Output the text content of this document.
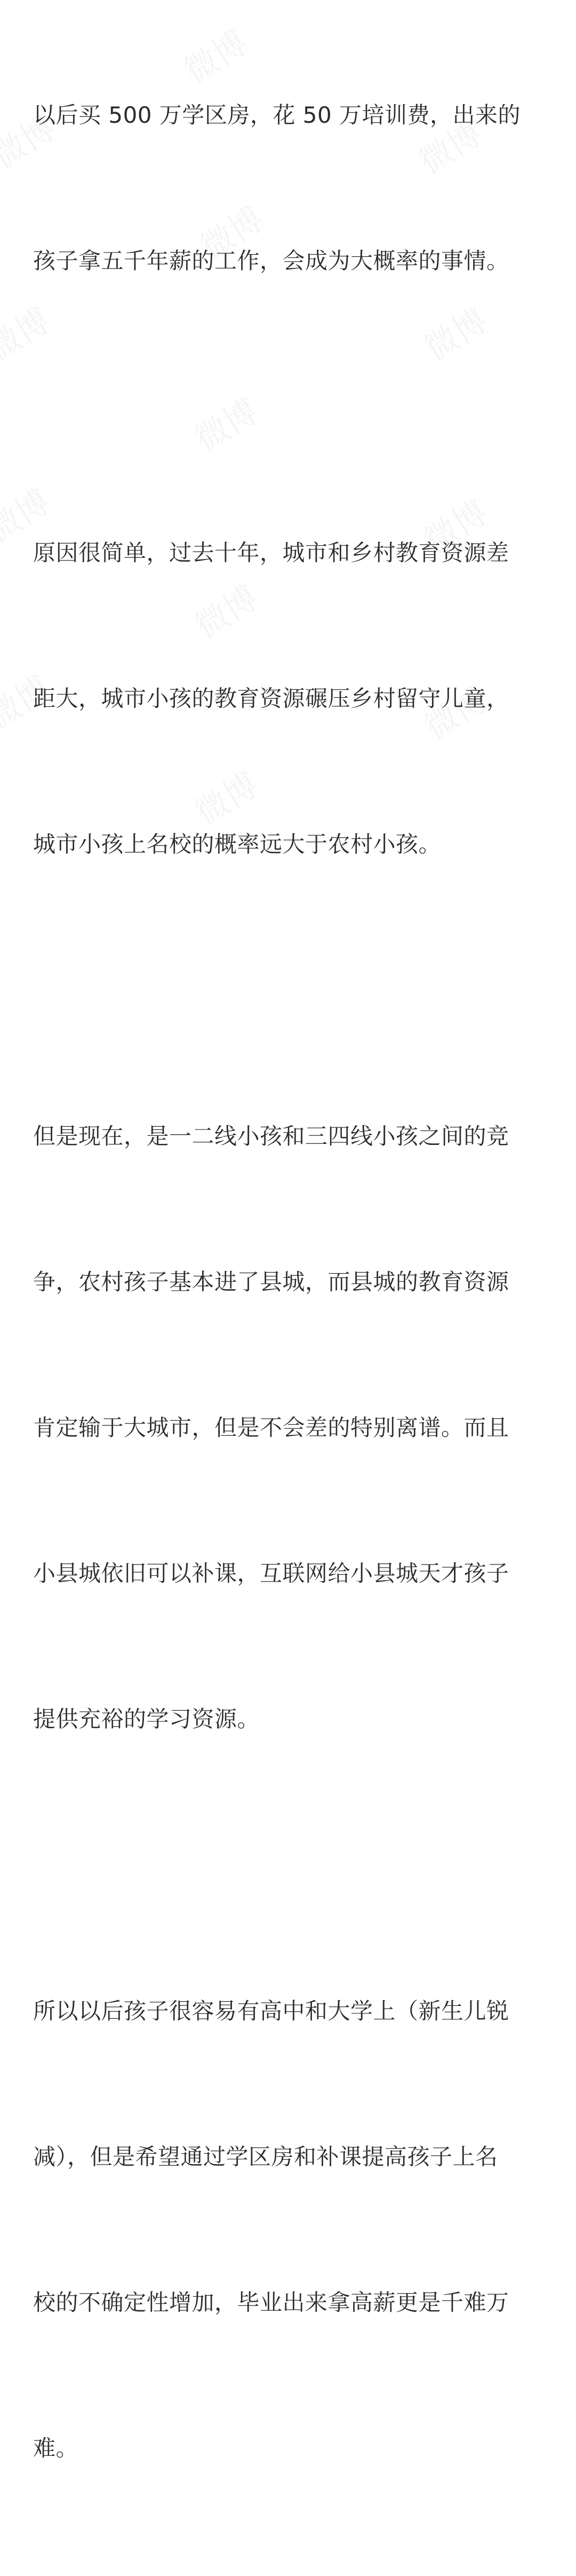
以后买 500 万学区房，花 50 万培训费，出来的

孩子拿五千年薪的工作，会成为大概率的事情。

原因很简单，过去十年，城市和乡村教育资源差

距大，城市小孩的教育资源碾压乡村留守儿童，

城市小孩上名校的概率远大于农村小孩。

但是现在，是一二线小孩和三四线小孩之间的竞

争，农村孩子基本进了县城，而县城的教育资源

肯定输于大城市，但是不会差的特别离谱。而且

小县城依旧可以补课，互联网给小县城天才孩子

提供充裕的学习资源。

所以以后孩子很容易有高中和大学上（新生儿锐

减），但是希望通过学区房和补课提高孩子上名

校的不确定性增加，毕业出来拿高薪更是千难万

难。
